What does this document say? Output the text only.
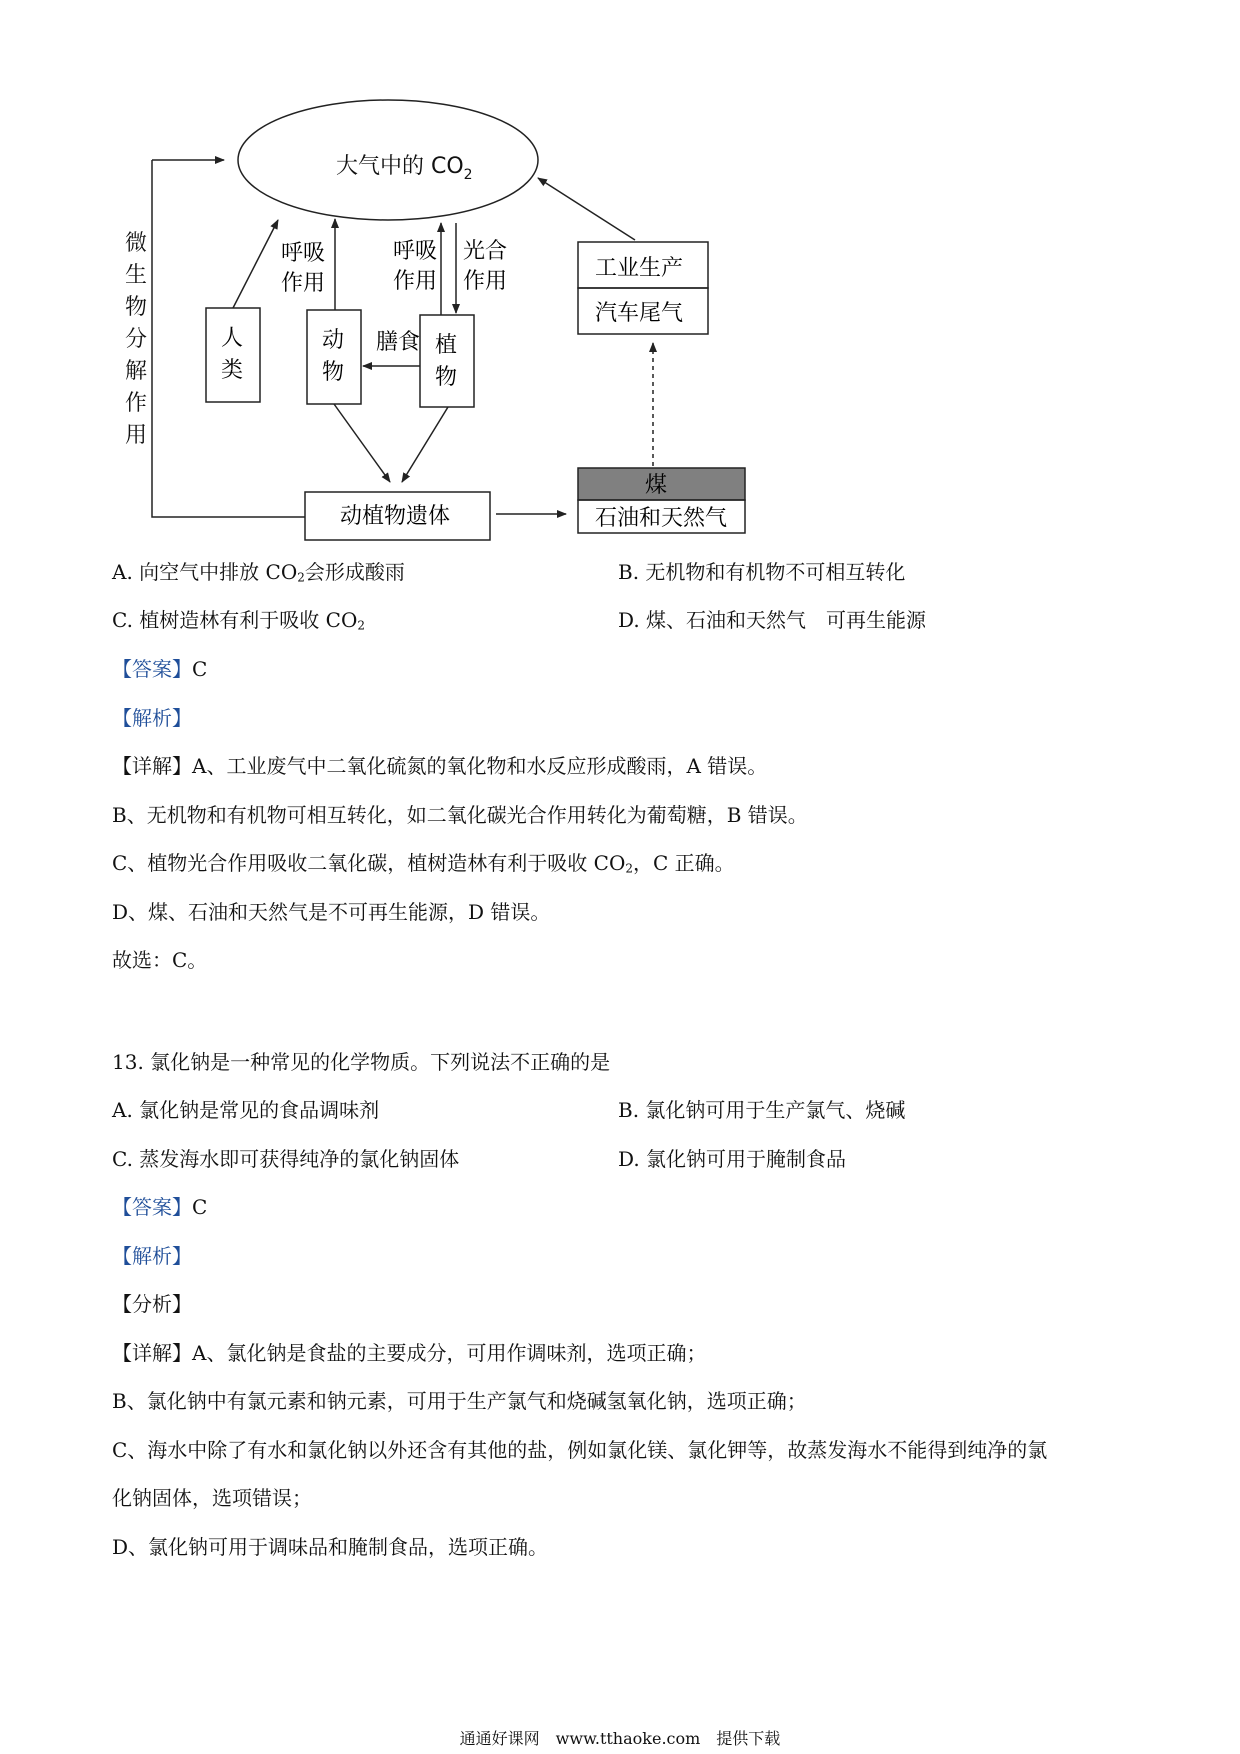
大气中的 $CO_2$
微
生
物
分
解
作
用
人
类
动
物
呼吸
作用
植
物
呼吸
作用
光合
作用
膳食
动植物遗体
煤
石油和天然气
工业生产
汽车尾气
A. 向空气中排放 $CO_2$会形成酸雨	B. 无机物和有机物不可相互转化
C. 植树造林有利于吸收 $CO_2$	D. 煤、石油和天然气　可再生能源
【答案】C
【解析】
【详解】A、工业废气中二氧化硫氮的氧化物和水反应形成酸雨，A 错误。
B、无机物和有机物可相互转化，如二氧化碳光合作用转化为葡萄糖，B 错误。
C、植物光合作用吸收二氧化碳，植树造林有利于吸收 $CO_2$，C 正确。
D、煤、石油和天然气是不可再生能源，D 错误。
故选：C。
13. 氯化钠是一种常见的化学物质。下列说法不正确的是
A. 氯化钠是常见的食品调味剂	B. 氯化钠可用于生产氯气、烧碱
C. 蒸发海水即可获得纯净的氯化钠固体	D. 氯化钠可用于腌制食品
【答案】C
【解析】
【分析】
【详解】A、氯化钠是食盐的主要成分，可用作调味剂，选项正确；
B、氯化钠中有氯元素和钠元素，可用于生产氯气和烧碱氢氧化钠，选项正确；
C、海水中除了有水和氯化钠以外还含有其他的盐，例如氯化镁、氯化钾等，故蒸发海水不能得到纯净的氯
化钠固体，选项错误；
D、氯化钠可用于调味品和腌制食品，选项正确。
通通好课网　www.tthaoke.com　提供下载
